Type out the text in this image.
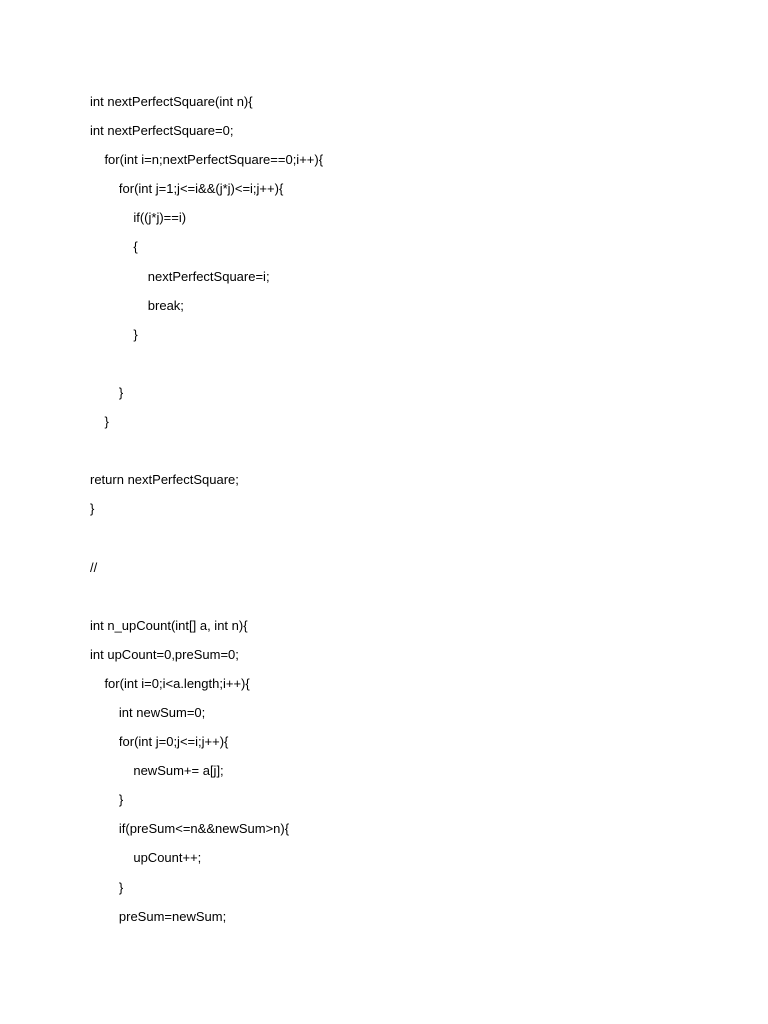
int nextPerfectSquare(int n){
int nextPerfectSquare=0;
for(int i=n;nextPerfectSquare==0;i++){
for(int j=1;j<=i&&(j*j)<=i;j++){
if((j*j)==i)
{
nextPerfectSquare=i;
break;
}
}
}
return nextPerfectSquare;
}
//
int n_upCount(int[] a, int n){
int upCount=0,preSum=0;
for(int i=0;i<a.length;i++){
int newSum=0;
for(int j=0;j<=i;j++){
newSum+= a[j];
}
if(preSum<=n&&newSum>n){
upCount++;
}
preSum=newSum;
